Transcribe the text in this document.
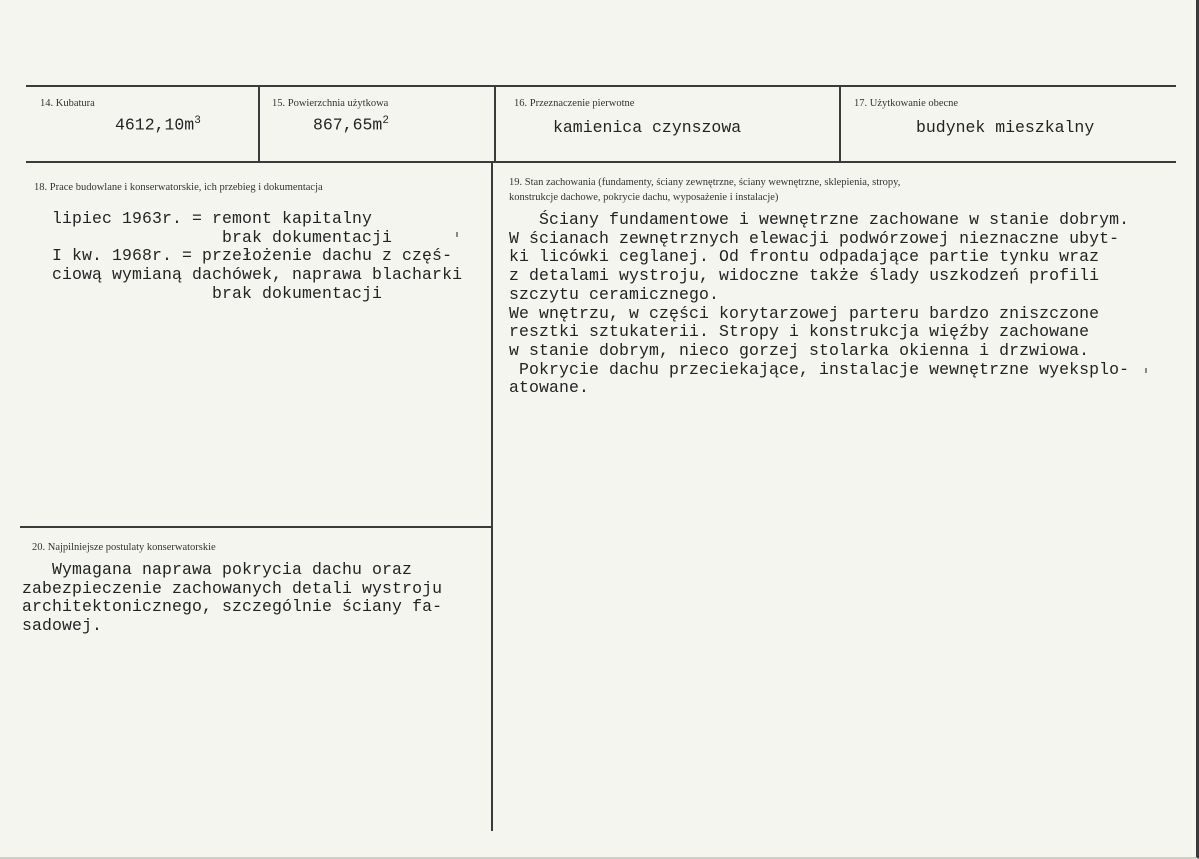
14. Kubatura
$4612,10m^3$
15. Powierzchnia użytkowa
$867,65m^2$
16. Przeznaczenie pierwotne
kamienica czynszowa
17. Użytkowanie obecne
budynek mieszkalny
18. Prace budowlane i konserwatorskie, ich przebieg i dokumentacja
lipiec 1963r. = remont kapitalny
brak dokumentacji
I kw. 1968r. = przełożenie dachu z częś-
ciową wymianą dachówek, naprawa blacharki
brak dokumentacji
19. Stan zachowania (fundamenty, ściany zewnętrzne, ściany wewnętrzne, sklepienia, stropy,
konstrukcje dachowe, pokrycie dachu, wyposażenie i instalacje)
Ściany fundamentowe i wewnętrzne zachowane w stanie dobrym.
W ścianach zewnętrznych elewacji podwórzowej nieznaczne ubyt-
ki licówki ceglanej. Od frontu odpadające partie tynku wraz
z detalami wystroju, widoczne także ślady uszkodzeń profili
szczytu ceramicznego.
We wnętrzu, w części korytarzowej parteru bardzo zniszczone
resztki sztukaterii. Stropy i konstrukcja więźby zachowane
w stanie dobrym, nieco gorzej stolarka okienna i drzwiowa.
Pokrycie dachu przeciekające, instalacje wewnętrzne wyeksplo-
atowane.
20. Najpilniejsze postulaty konserwatorskie
Wymagana naprawa pokrycia dachu oraz
zabezpieczenie zachowanych detali wystroju
architektonicznego, szczególnie ściany fa-
sadowej.
